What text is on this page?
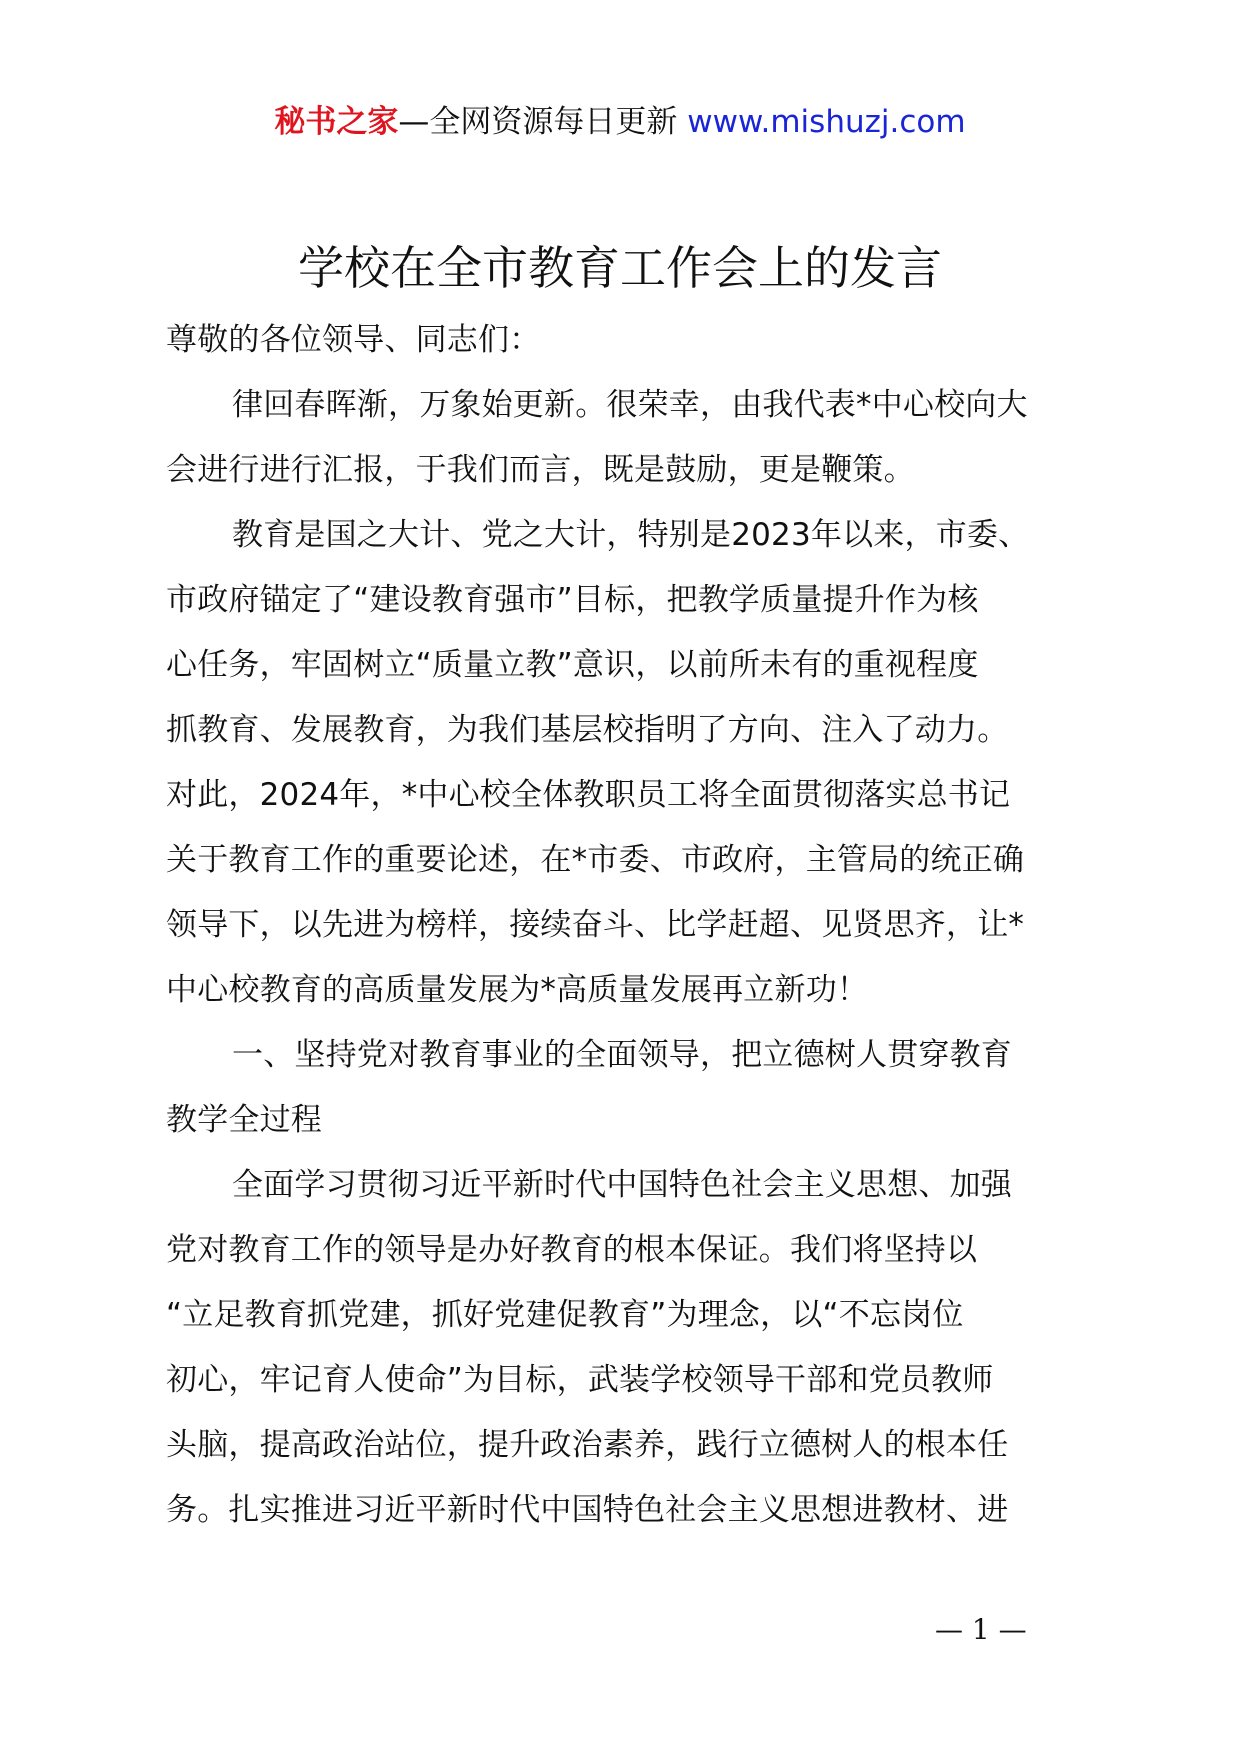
秘书之家—全网资源每日更新 www.mishuzj.com
学校在全市教育工作会上的发言
尊敬的各位领导、同志们：
律回春晖渐，万象始更新。很荣幸，由我代表*中心校向大
会进行进行汇报，于我们而言，既是鼓励，更是鞭策。
教育是国之大计、党之大计，特别是2023年以来，市委、
市政府锚定了“建设教育强市”目标，把教学质量提升作为核
心任务，牢固树立“质量立教”意识，以前所未有的重视程度
抓教育、发展教育，为我们基层校指明了方向、注入了动力。
对此，2024年，*中心校全体教职员工将全面贯彻落实总书记
关于教育工作的重要论述，在*市委、市政府，主管局的统正确
领导下，以先进为榜样，接续奋斗、比学赶超、见贤思齐，让*
中心校教育的高质量发展为*高质量发展再立新功！
一、坚持党对教育事业的全面领导，把立德树人贯穿教育
教学全过程
全面学习贯彻习近平新时代中国特色社会主义思想、加强
党对教育工作的领导是办好教育的根本保证。我们将坚持以
“立足教育抓党建，抓好党建促教育”为理念，以“不忘岗位
初心，牢记育人使命”为目标，武装学校领导干部和党员教师
头脑，提高政治站位，提升政治素养，践行立德树人的根本任
务。扎实推进习近平新时代中国特色社会主义思想进教材、进
— 1 —
